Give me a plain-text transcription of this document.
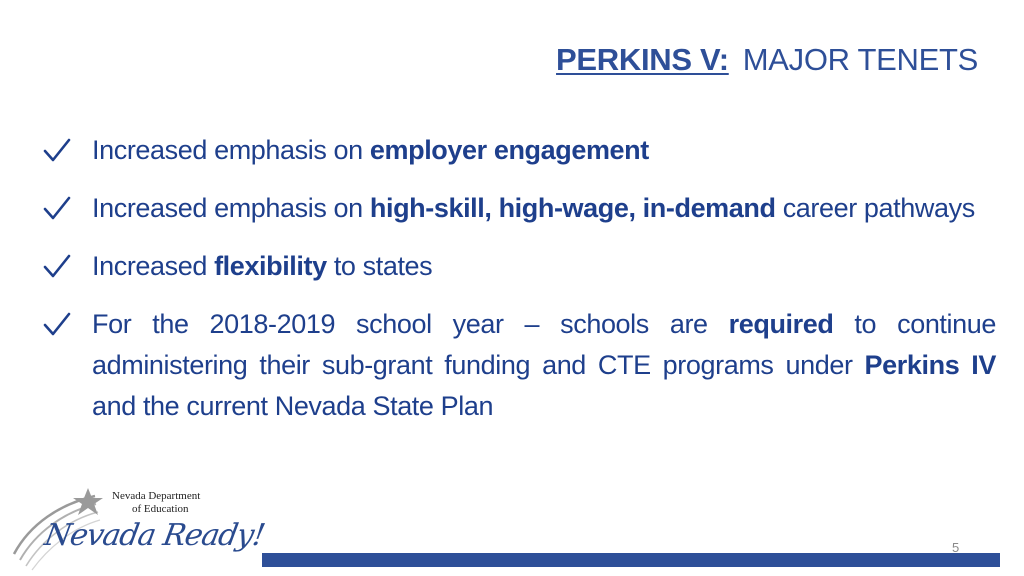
PERKINS V: MAJOR TENETS
Increased emphasis on employer engagement
Increased emphasis on high-skill, high-wage, in-demand career pathways
Increased flexibility to states
For the 2018-2019 school year – schools are required to continue administering their sub-grant funding and CTE programs under Perkins IV and the current Nevada State Plan
Nevada Department
of Education
Nevada Ready!	5
